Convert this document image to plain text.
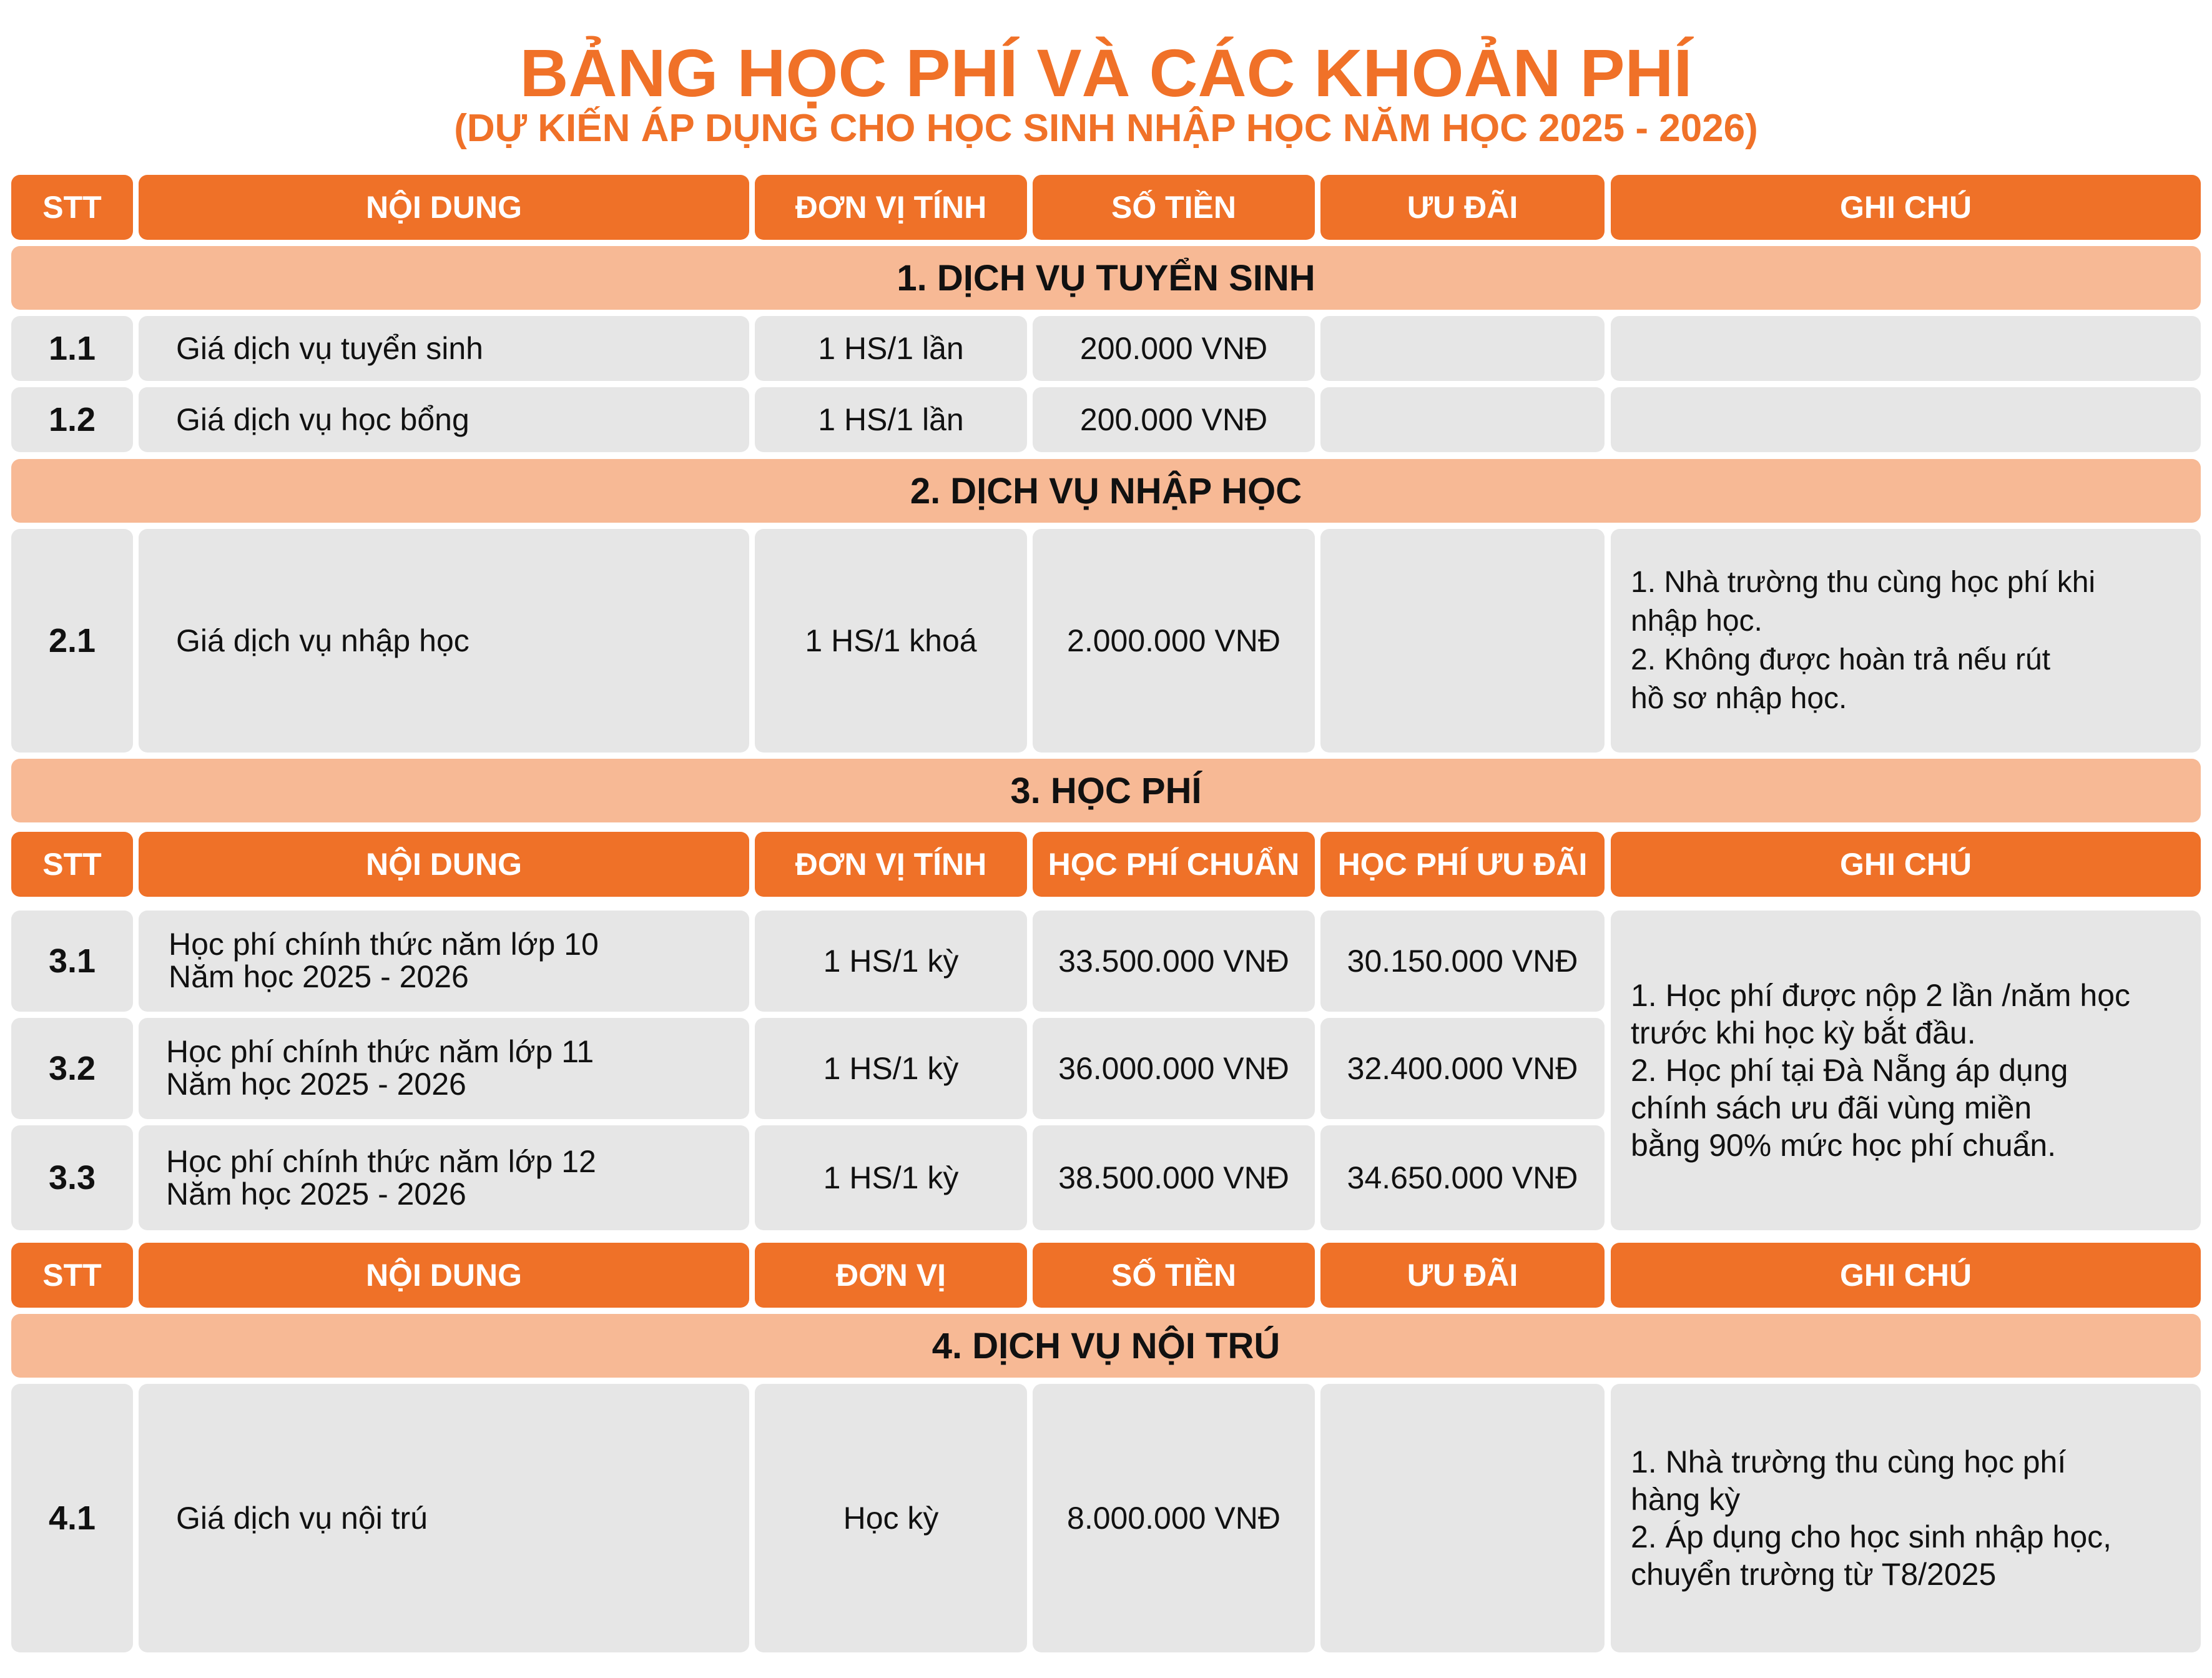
BẢNG HỌC PHÍ VÀ CÁC KHOẢN PHÍ
(DỰ KIẾN ÁP DỤNG CHO HỌC SINH NHẬP HỌC NĂM HỌC 2025 - 2026)
STT	NỘI DUNG	ĐƠN VỊ TÍNH	SỐ TIỀN	ƯU ĐÃI	GHI CHÚ
1. DỊCH VỤ TUYỂN SINH
1.1	Giá dịch vụ tuyển sinh	1 HS/1 lần	200.000 VNĐ
1.2	Giá dịch vụ học bổng	1 HS/1 lần	200.000 VNĐ
2. DỊCH VỤ NHẬP HỌC
2.1	Giá dịch vụ nhập học	1 HS/1 khoá	2.000.000 VNĐ
1. Nhà trường thu cùng học phí khi
nhập học.
2. Không được hoàn trả nếu rút
hồ sơ nhập học.
3. HỌC PHÍ
STT	NỘI DUNG	ĐƠN VỊ TÍNH	HỌC PHÍ CHUẨN	HỌC PHÍ ƯU ĐÃI	GHI CHÚ
3.1	Học phí chính thức năm lớp 10
Năm học 2025 - 2026	1 HS/1 kỳ	33.500.000 VNĐ	30.150.000 VNĐ
3.2	Học phí chính thức năm lớp 11
Năm học 2025 - 2026	1 HS/1 kỳ	36.000.000 VNĐ	32.400.000 VNĐ
3.3	Học phí chính thức năm lớp 12
Năm học 2025 - 2026	1 HS/1 kỳ	38.500.000 VNĐ	34.650.000 VNĐ
1. Học phí được nộp 2 lần /năm học
trước khi học kỳ bắt đầu.
2. Học phí tại Đà Nẵng áp dụng
chính sách ưu đãi vùng miền
bằng 90% mức học phí chuẩn.
STT	NỘI DUNG	ĐƠN VỊ	SỐ TIỀN	ƯU ĐÃI	GHI CHÚ
4. DỊCH VỤ NỘI TRÚ
4.1	Giá dịch vụ nội trú	Học kỳ	8.000.000 VNĐ
1. Nhà trường thu cùng học phí
hàng kỳ
2. Áp dụng cho học sinh nhập học,
chuyển trường từ T8/2025
